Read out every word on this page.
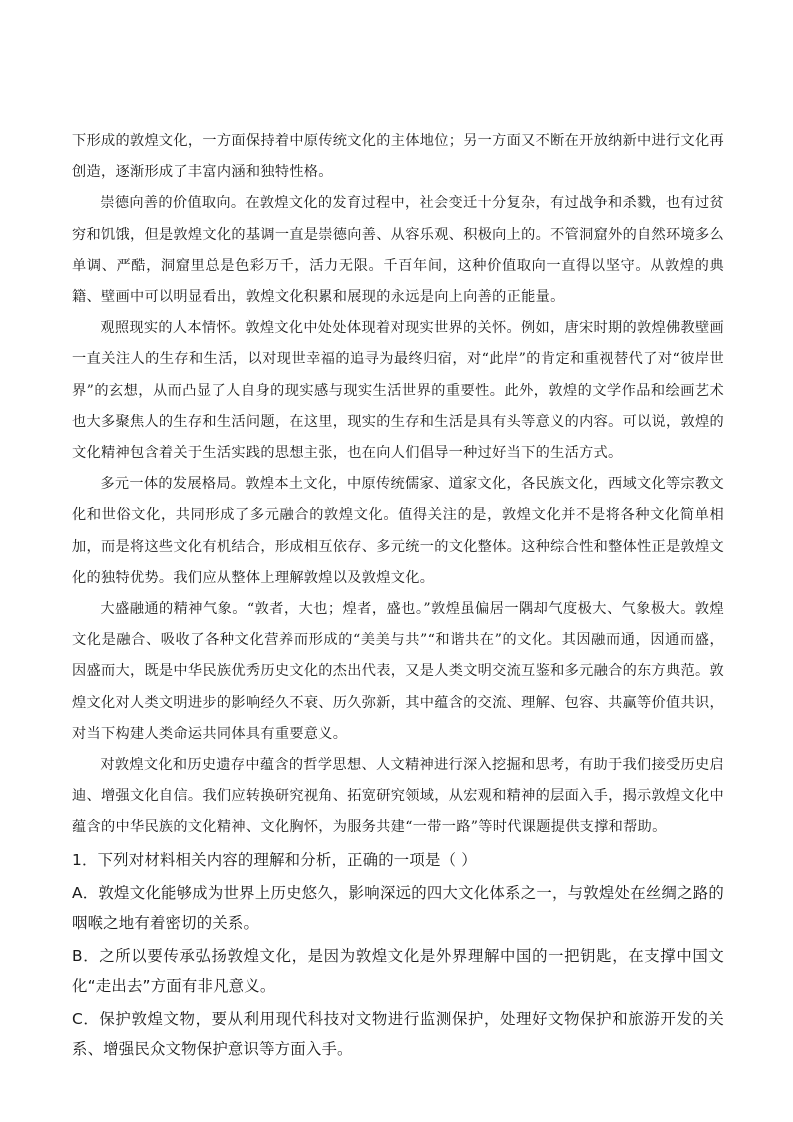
下形成的敦煌文化，一方面保持着中原传统文化的主体地位；另一方面又不断在开放纳新中进行文化再创造，逐渐形成了丰富内涵和独特性格。

崇德向善的价值取向。在敦煌文化的发育过程中，社会变迁十分复杂，有过战争和杀戮，也有过贫穷和饥饿，但是敦煌文化的基调一直是崇德向善、从容乐观、积极向上的。不管洞窟外的自然环境多么单调、严酷，洞窟里总是色彩万千，活力无限。千百年间，这种价值取向一直得以坚守。从敦煌的典籍、壁画中可以明显看出，敦煌文化积累和展现的永远是向上向善的正能量。

观照现实的人本情怀。敦煌文化中处处体现着对现实世界的关怀。例如，唐宋时期的敦煌佛教壁画一直关注人的生存和生活，以对现世幸福的追寻为最终归宿，对“此岸”的肯定和重视替代了对“彼岸世界”的玄想，从而凸显了人自身的现实感与现实生活世界的重要性。此外，敦煌的文学作品和绘画艺术也大多聚焦人的生存和生活问题，在这里，现实的生存和生活是具有头等意义的内容。可以说，敦煌的文化精神包含着关于生活实践的思想主张，也在向人们倡导一种过好当下的生活方式。

多元一体的发展格局。敦煌本土文化，中原传统儒家、道家文化，各民族文化，西域文化等宗教文化和世俗文化，共同形成了多元融合的敦煌文化。值得关注的是，敦煌文化并不是将各种文化简单相加，而是将这些文化有机结合，形成相互依存、多元统一的文化整体。这种综合性和整体性正是敦煌文化的独特优势。我们应从整体上理解敦煌以及敦煌文化。

大盛融通的精神气象。“敦者，大也；煌者，盛也。”敦煌虽偏居一隅却气度极大、气象极大。敦煌文化是融合、吸收了各种文化营养而形成的“美美与共”“和谐共在”的文化。其因融而通，因通而盛，因盛而大，既是中华民族优秀历史文化的杰出代表，又是人类文明交流互鉴和多元融合的东方典范。敦煌文化对人类文明进步的影响经久不衰、历久弥新，其中蕴含的交流、理解、包容、共赢等价值共识，对当下构建人类命运共同体具有重要意义。

对敦煌文化和历史遗存中蕴含的哲学思想、人文精神进行深入挖掘和思考，有助于我们接受历史启迪、增强文化自信。我们应转换研究视角、拓宽研究领域，从宏观和精神的层面入手，揭示敦煌文化中蕴含的中华民族的文化精神、文化胸怀，为服务共建“一带一路”等时代课题提供支撑和帮助。

1．下列对材料相关内容的理解和分析，正确的一项是（ ）

A．敦煌文化能够成为世界上历史悠久，影响深远的四大文化体系之一，与敦煌处在丝绸之路的咽喉之地有着密切的关系。

B．之所以要传承弘扬敦煌文化，是因为敦煌文化是外界理解中国的一把钥匙，在支撑中国文化“走出去”方面有非凡意义。

C．保护敦煌文物，要从利用现代科技对文物进行监测保护，处理好文物保护和旅游开发的关系、增强民众文物保护意识等方面入手。
